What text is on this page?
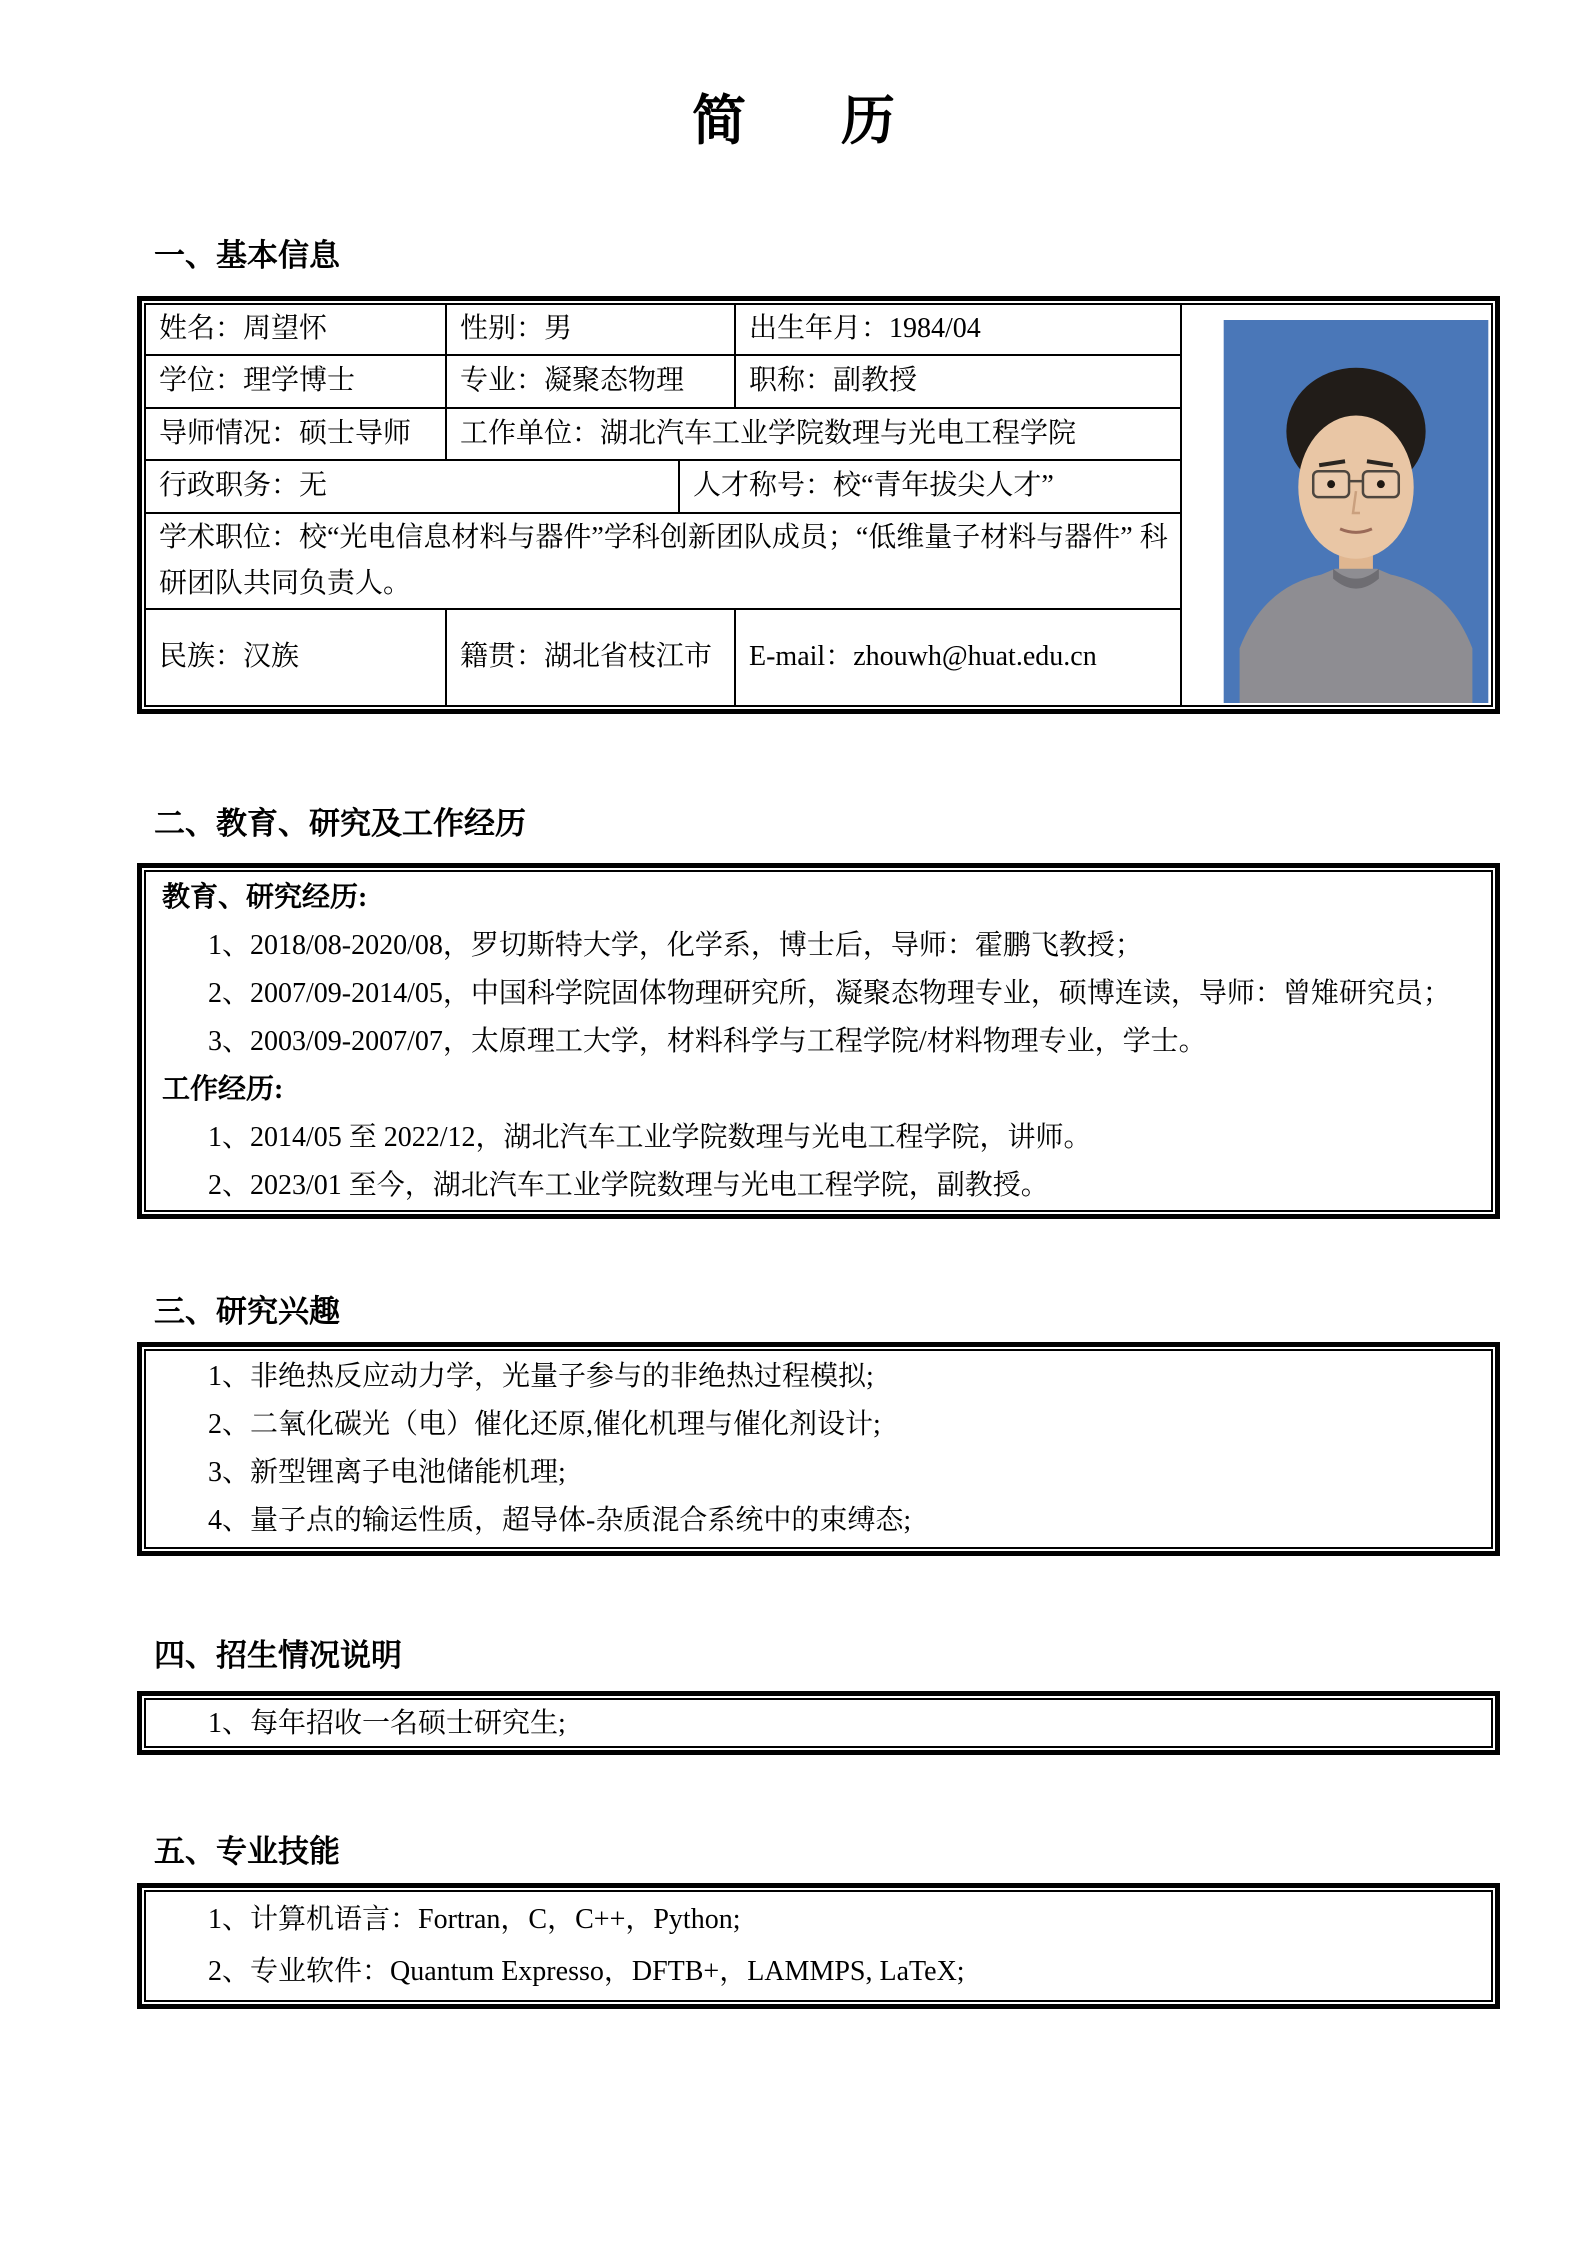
简 历
一、基本信息
姓名：周望怀	性别：男	出生年月：1984/04
学位：理学博士	专业：凝聚态物理	职称：副教授
导师情况：硕士导师	工作单位：湖北汽车工业学院数理与光电工程学院
行政职务：无	人才称号：校“青年拔尖人才”
学术职位：校“光电信息材料与器件”学科创新团队成员；“低维量子材料与器件” 科研团队共同负责人。
民族：汉族	籍贯：湖北省枝江市	E-mail：zhouwh@huat.edu.cn
二、教育、研究及工作经历
教育、研究经历:
1、2018/08-2020/08，罗切斯特大学，化学系，博士后，导师：霍鹏飞教授；
2、2007/09-2014/05，中国科学院固体物理研究所，凝聚态物理专业，硕博连读，导师：曾雉研究员；
3、2003/09-2007/07，太原理工大学，材料科学与工程学院/材料物理专业，学士。
工作经历:
1、2014/05 至 2022/12，湖北汽车工业学院数理与光电工程学院，讲师。
2、2023/01 至今，湖北汽车工业学院数理与光电工程学院，副教授。
三、研究兴趣
1、非绝热反应动力学，光量子参与的非绝热过程模拟;
2、二氧化碳光（电）催化还原,催化机理与催化剂设计;
3、新型锂离子电池储能机理;
4、量子点的输运性质，超导体-杂质混合系统中的束缚态;
四、招生情况说明
1、每年招收一名硕士研究生;
五、专业技能
1、计算机语言：Fortran，C，C++，Python;
2、专业软件：Quantum Expresso，DFTB+，LAMMPS, LaTeX;
